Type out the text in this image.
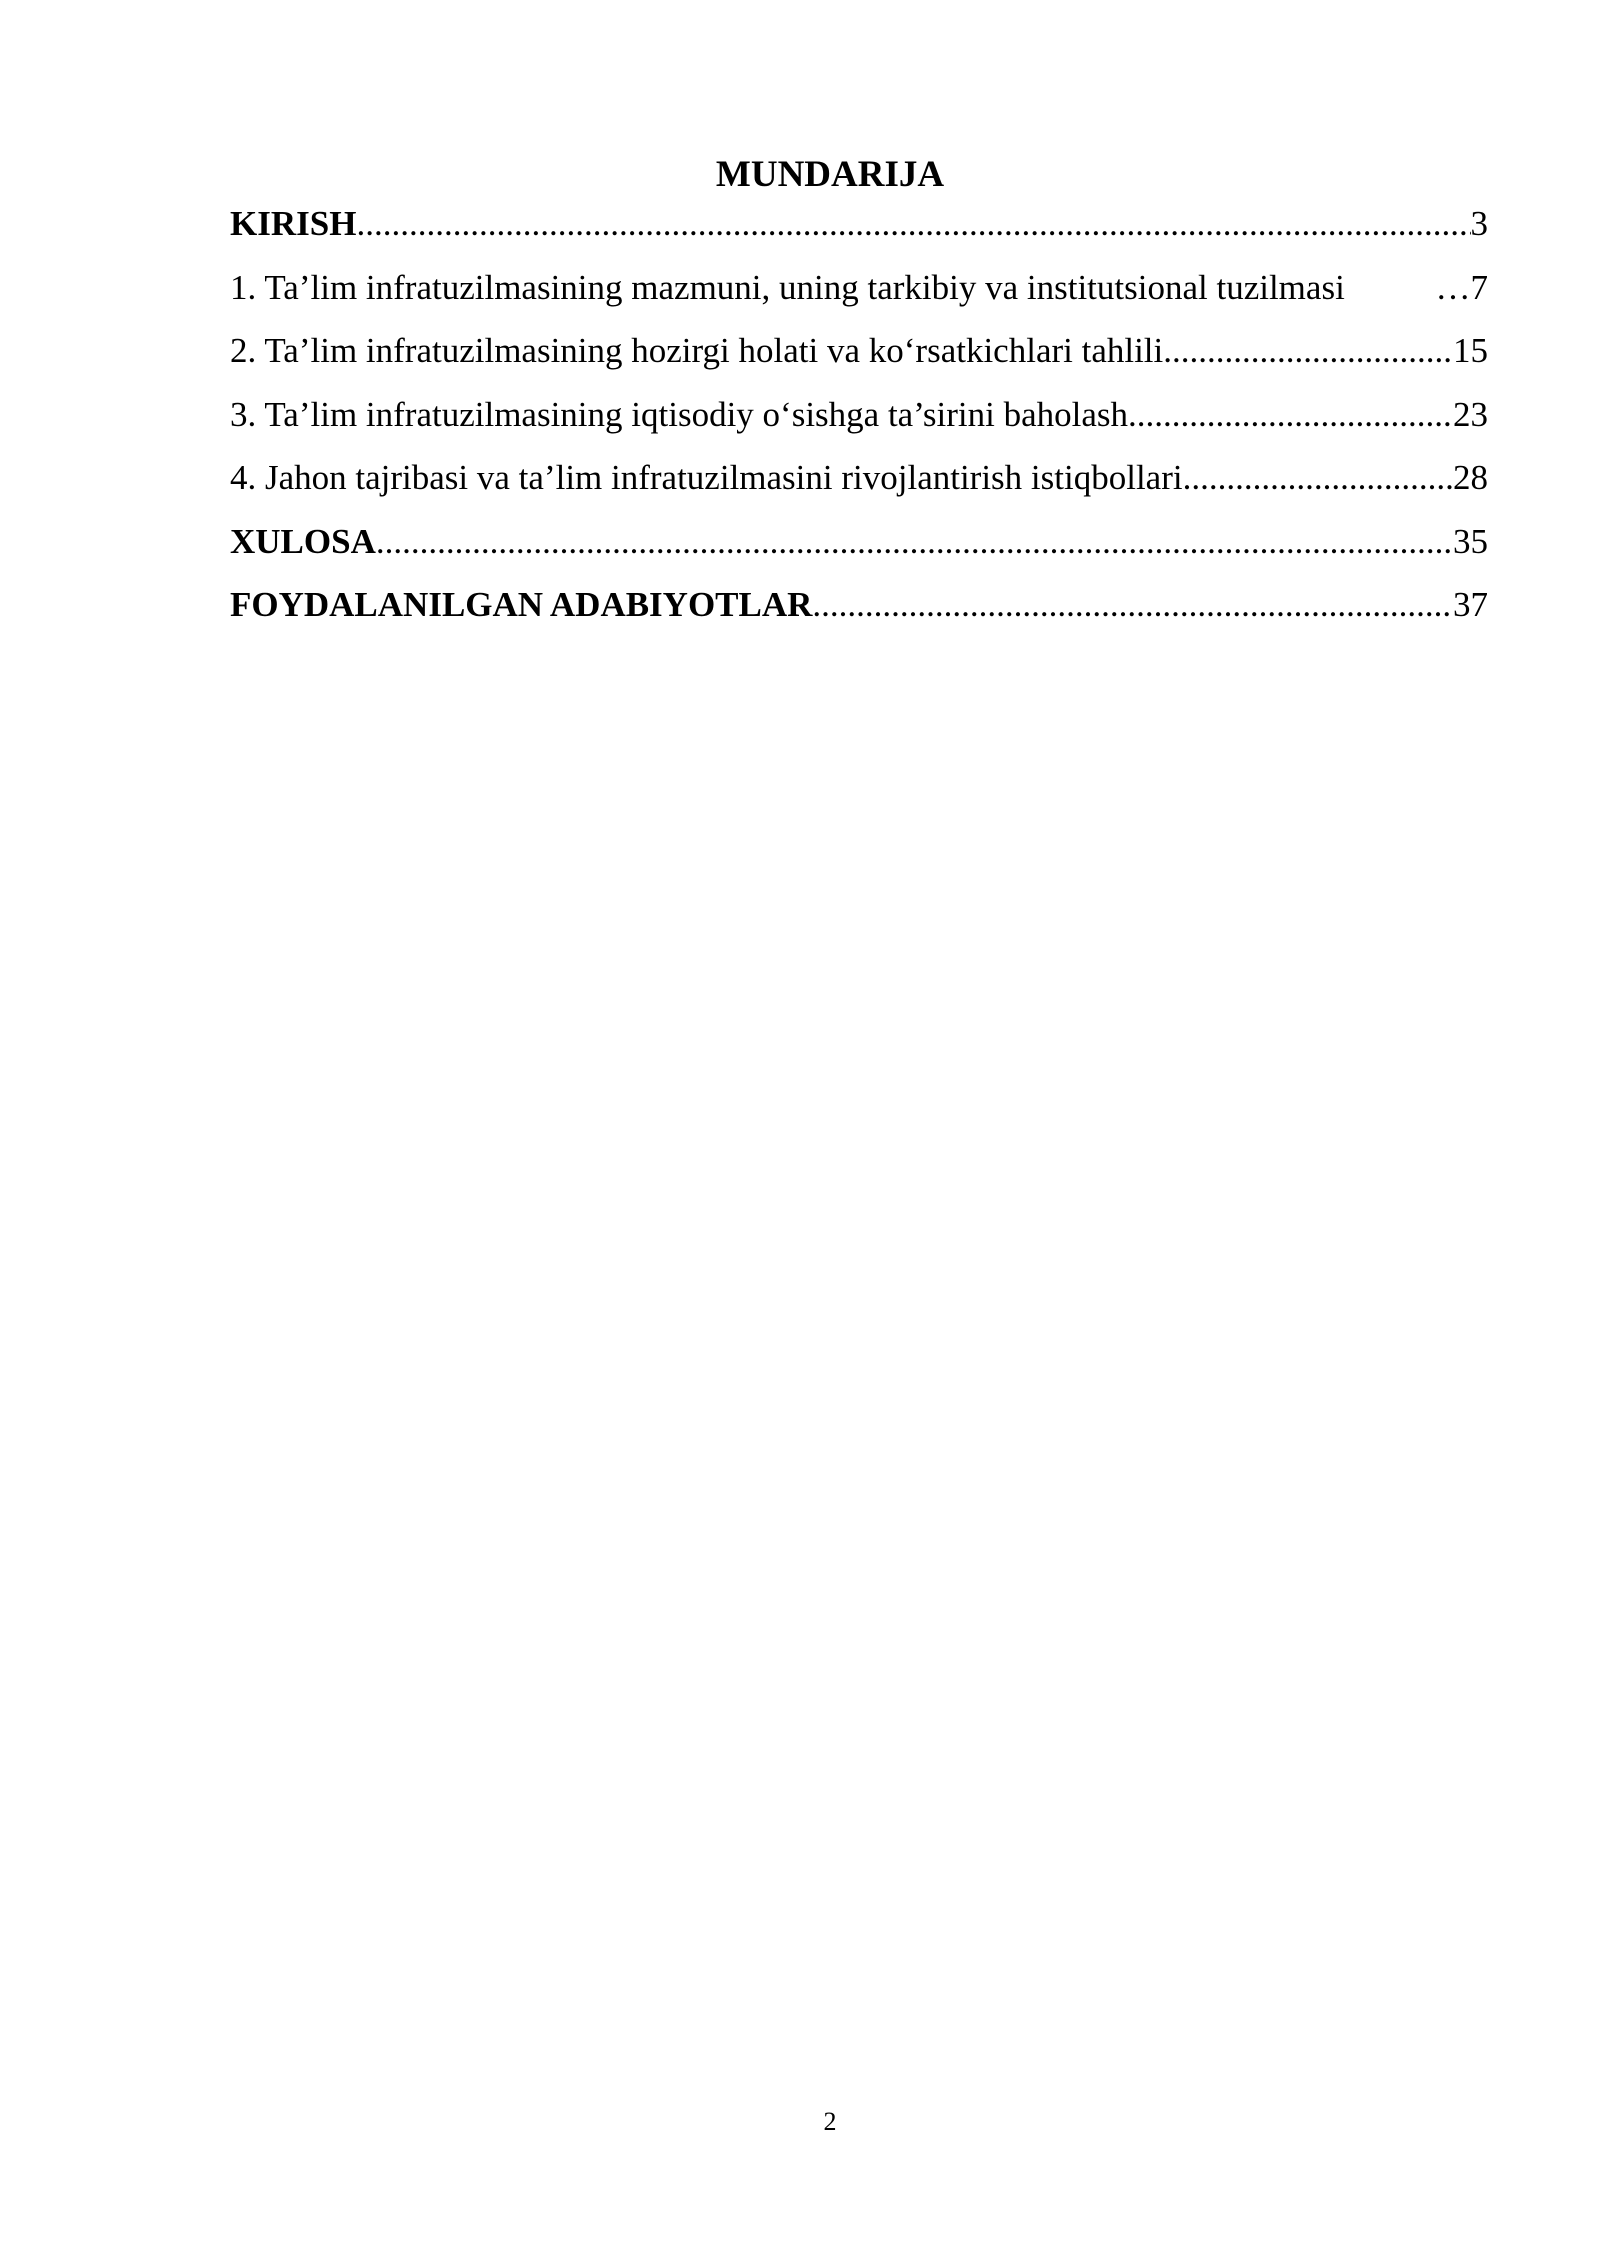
MUNDARIJA
KIRISH .....	3
1. Ta’lim infratuzilmasining mazmuni, uning tarkibiy va institutsional tuzilmasi …	7
2. Ta’lim infratuzilmasining hozirgi holati va ko‘rsatkichlari tahlili .....	15
3. Ta’lim infratuzilmasining iqtisodiy o‘sishga ta’sirini baholash .....	23
4. Jahon tajribasi va ta’lim infratuzilmasini rivojlantirish istiqbollari .....	28
XULOSA .....	35
FOYDALANILGAN ADABIYOTLAR .....	37
2
